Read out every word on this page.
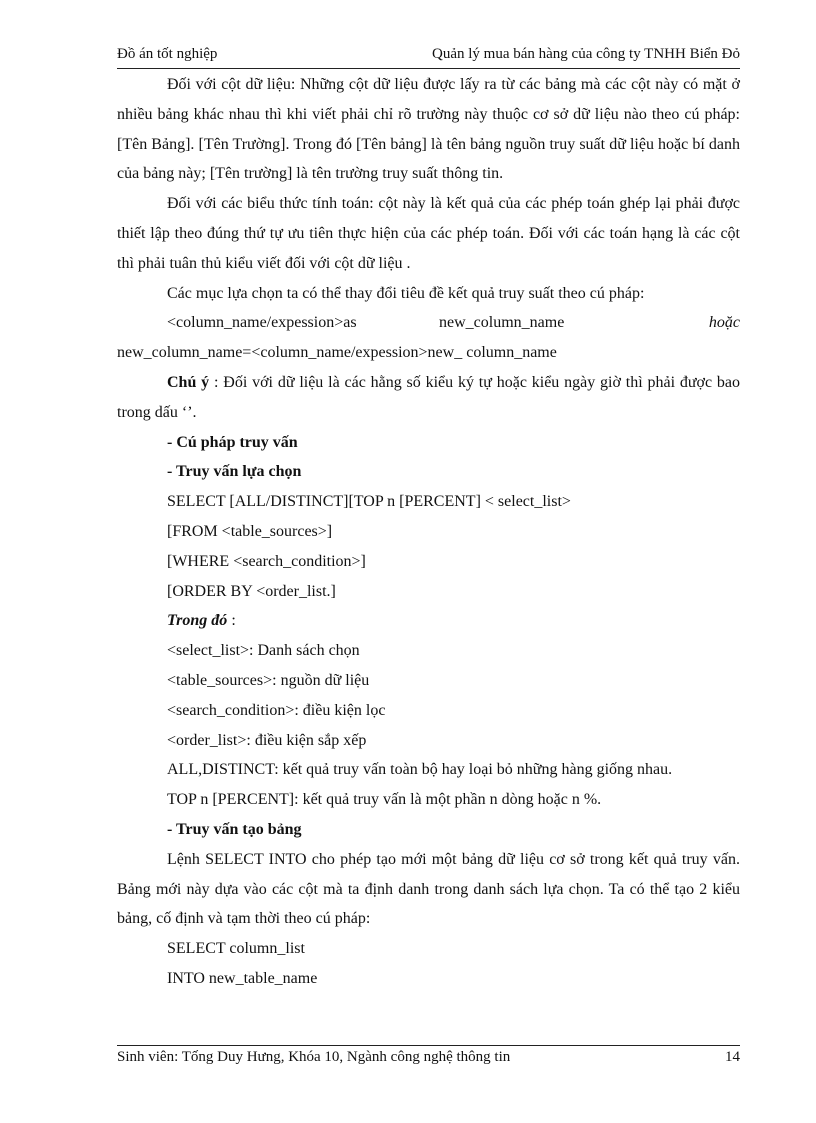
Đồ án tốt nghiệp	Quản lý mua bán hàng của công ty TNHH Biển Đỏ

Đối với cột dữ liệu: Những cột dữ liệu được lấy ra từ các bảng mà các cột này có mặt ở nhiều bảng khác nhau thì khi viết phải chỉ rõ trường này thuộc cơ sở dữ liệu nào theo cú pháp: [Tên Bảng]. [Tên Trường]. Trong đó [Tên bảng] là tên bảng nguồn truy suất dữ liệu hoặc bí danh của bảng này; [Tên trường] là tên trường truy suất thông tin.

Đối với các biểu thức tính toán: cột này là kết quả của các phép toán ghép lại phải được thiết lập theo đúng thứ tự ưu tiên thực hiện của các phép toán. Đối với các toán hạng là các cột thì phải tuân thủ kiểu viết đối với cột dữ liệu .

Các mục lựa chọn ta có thể thay đổi tiêu đề kết quả truy suất theo cú pháp:

<column_name/expession>as	new_column_name	hoặc

new_column_name=<column_name/expession>new_ column_name

Chú ý : Đối với dữ liệu là các hằng số kiểu ký tự hoặc kiểu ngày giờ thì phải được bao trong dấu ‘’.

- Cú pháp truy vấn

- Truy vấn lựa chọn

SELECT [ALL/DISTINCT][TOP n [PERCENT] < select_list>

[FROM <table_sources>]

[WHERE <search_condition>]

[ORDER BY <order_list.]

Trong đó :

<select_list>: Danh sách chọn

<table_sources>: nguồn dữ liệu

<search_condition>: điều kiện lọc

<order_list>: điều kiện sắp xếp

ALL,DISTINCT: kết quả truy vấn toàn bộ hay loại bỏ những hàng giống nhau.

TOP n [PERCENT]: kết quả truy vấn là một phần n dòng hoặc n %.

- Truy vấn tạo bảng

Lệnh SELECT INTO cho phép tạo mới một bảng dữ liệu cơ sở trong kết quả truy vấn. Bảng mới này dựa vào các cột mà ta định danh trong danh sách lựa chọn. Ta có thể tạo 2 kiểu bảng, cố định và tạm thời theo cú pháp:

SELECT column_list

INTO new_table_name

Sinh viên: Tống Duy Hưng, Khóa 10, Ngành công nghệ thông tin	14
